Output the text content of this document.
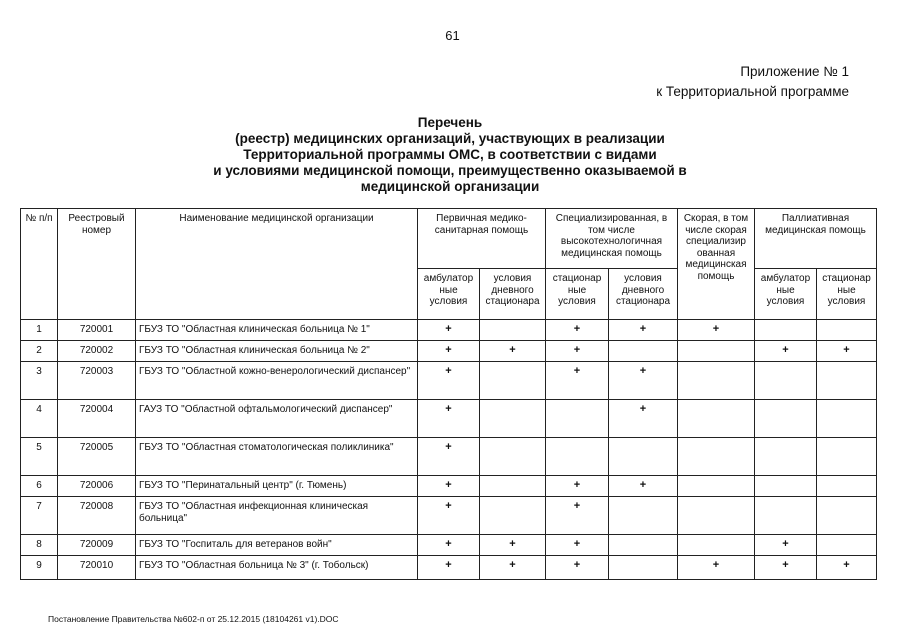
61
Приложение № 1
к Территориальной программе
Перечень
(реестр) медицинских организаций, участвующих в реализации
Территориальной программы ОМС, в соответствии с видами
и условиями медицинской помощи, преимущественно оказываемой в
медицинской организации
№ п/п	Реестровый номер	Наименование медицинской организации	Первичная медико-санитарная помощь		Специализированная, в том числе высокотехнологичная медицинская помощь		Скорая, в том числе скорая специализир ованная медицинская помощь	Паллиативная медицинская помощь	
			амбулатор ные условия	условия дневного стационара	стационар ные условия	условия дневного стационара		амбулатор ные условия	стационар ные условия
1	720001	ГБУЗ ТО "Областная клиническая больница № 1"	+		+	+	+		
2	720002	ГБУЗ ТО "Областная клиническая больница № 2"	+	+	+			+	+
3	720003	ГБУЗ ТО "Областной кожно-венерологический диспансер"	+		+	+			
4	720004	ГАУЗ ТО "Областной офтальмологический диспансер"	+			+			
5	720005	ГБУЗ ТО "Областная стоматологическая поликлиника"	+						
6	720006	ГБУЗ ТО "Перинатальный центр" (г. Тюмень)	+		+	+			
7	720008	ГБУЗ ТО "Областная инфекционная клиническая больница"	+		+				
8	720009	ГБУЗ ТО "Госпиталь для ветеранов войн"	+	+	+			+	
9	720010	ГБУЗ ТО "Областная больница № 3" (г. Тобольск)	+	+	+		+	+	+
Постановление Правительства №602-п от 25.12.2015 (18104261 v1).DOC
